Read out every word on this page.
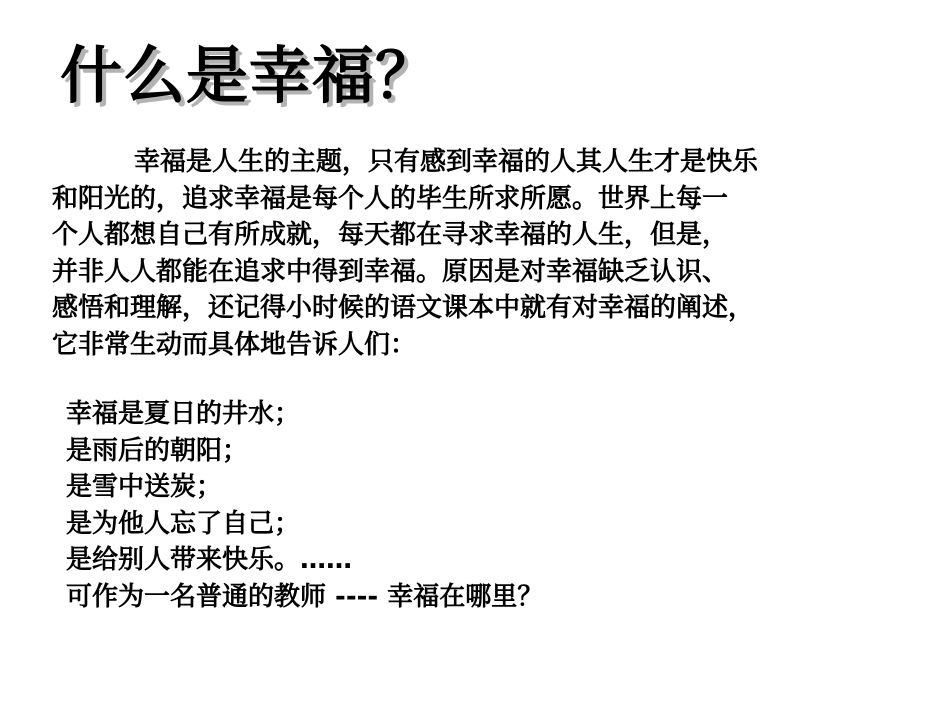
什么是幸福？
幸福是人生的主题，只有感到幸福的人其人生才是快乐
和阳光的，追求幸福是每个人的毕生所求所愿。世界上每一
个人都想自己有所成就，每天都在寻求幸福的人生，但是，
并非人人都能在追求中得到幸福。原因是对幸福缺乏认识、
感悟和理解，还记得小时候的语文课本中就有对幸福的阐述，
它非常生动而具体地告诉人们：
幸福是夏日的井水；
是雨后的朝阳；
是雪中送炭；
是为他人忘了自己；
是给别人带来快乐。……
可作为一名普通的教师 ---- 幸福在哪里？
